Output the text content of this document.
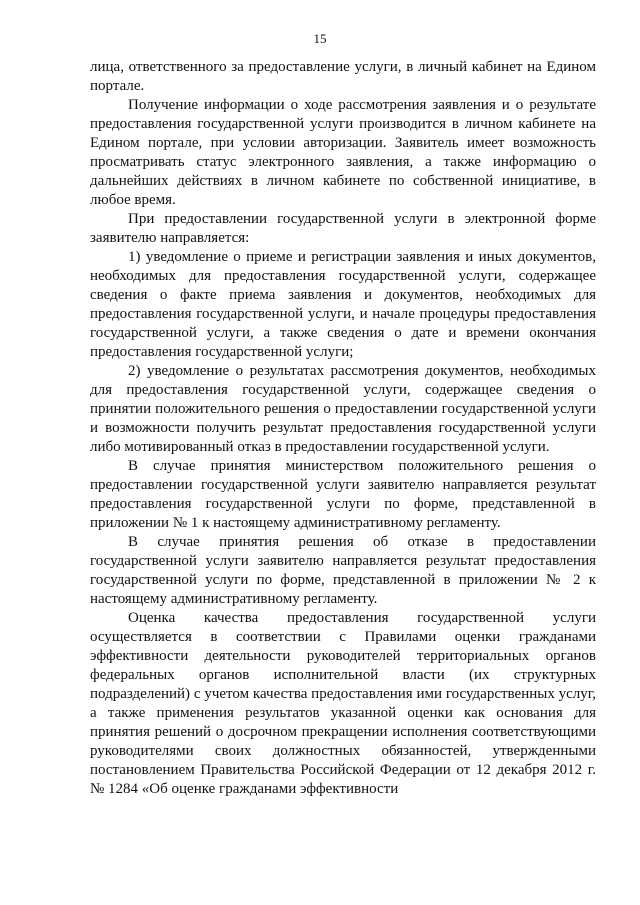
15

лица, ответственного за предоставление услуги, в личный кабинет на Едином портале.

Получение информации о ходе рассмотрения заявления и о результате предоставления государственной услуги производится в личном кабинете на Едином портале, при условии авторизации. Заявитель имеет возможность просматривать статус электронного заявления, а также информацию о дальнейших действиях в личном кабинете по собственной инициативе, в любое время.

При предоставлении государственной услуги в электронной форме заявителю направляется:

1) уведомление о приеме и регистрации заявления и иных документов, необходимых для предоставления государственной услуги, содержащее сведения о факте приема заявления и документов, необходимых для предоставления государственной услуги, и начале процедуры предоставления государственной услуги, а также сведения о дате и времени окончания предоставления государственной услуги;

2) уведомление о результатах рассмотрения документов, необходимых для предоставления государственной услуги, содержащее сведения о принятии положительного решения о предоставлении государственной услуги и возможности получить результат предоставления государственной услуги либо мотивированный отказ в предоставлении государственной услуги.

В случае принятия министерством положительного решения о предоставлении государственной услуги заявителю направляется результат предоставления государственной услуги по форме, представленной в приложении № 1 к настоящему административному регламенту.

В случае принятия решения об отказе в предоставлении государственной услуги заявителю направляется результат предоставления государственной услуги по форме, представленной в приложении № 2 к настоящему административному регламенту.

Оценка качества предоставления государственной услуги осуществляется в соответствии с Правилами оценки гражданами эффективности деятельности руководителей территориальных органов федеральных органов исполнительной власти (их структурных подразделений) с учетом качества предоставления ими государственных услуг, а также применения результатов указанной оценки как основания для принятия решений о досрочном прекращении исполнения соответствующими руководителями своих должностных обязанностей, утвержденными постановлением Правительства Российской Федерации от 12 декабря 2012 г. № 1284 «Об оценке гражданами эффективности
